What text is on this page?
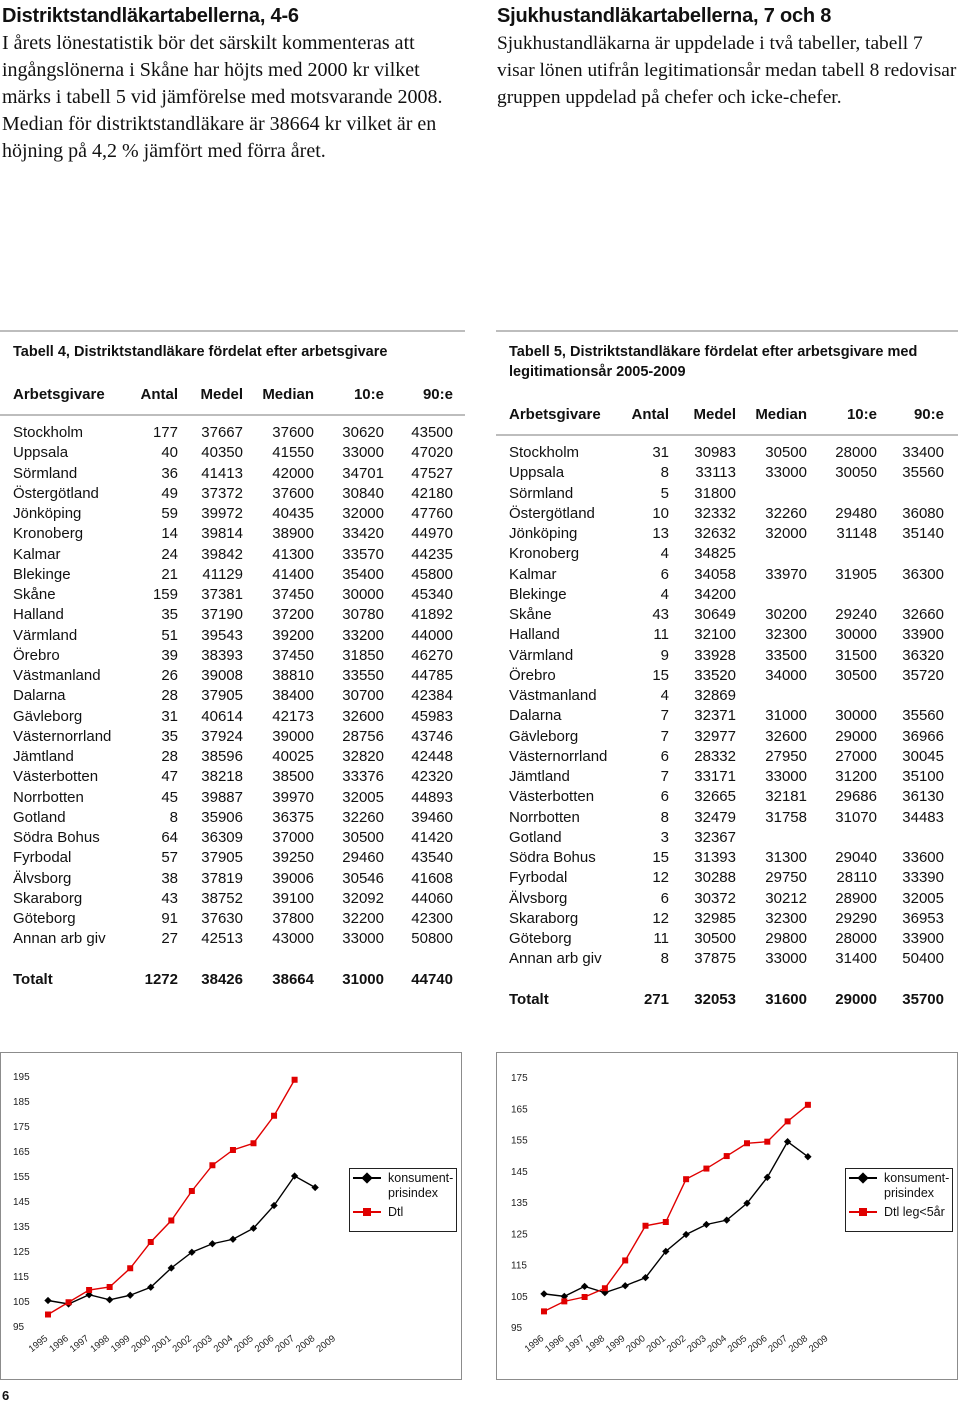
Distriktstandläkartabellerna, 4-6

I årets lönestatistik bör det särskilt kommenteras att ingångslönerna i Skåne har höjts med 2000 kr vilket märks i tabell 5 vid jämförelse med motsvarande 2008. Median för distriktstandläkare är 38664 kr vilket är en höjning på 4,2 % jämfört med förra året.

Sjukhustandläkartabellerna, 7 och 8

Sjukhustandläkarna är uppdelade i två tabeller, tabell 7 visar lönen utifrån legitimationsår medan tabell 8 redovisar gruppen uppdelad på chefer och icke-chefer.

Tabell 4, Distriktstandläkare fördelat efter arbetsgivare
Arbetsgivare Antal Medel Median	10:e	90:e
Stockholm	177 37667 37600 30620 43500
Uppsala	40 40350 41550 33000 47020
Sörmland	36 41413 42000 34701 47527
Östergötland	49 37372 37600 30840 42180
Jönköping	59 39972 40435 32000 47760
Kronoberg	14 39814 38900 33420 44970
Kalmar	24 39842 41300 33570 44235
Blekinge	21 41129 41400 35400 45800
Skåne	159 37381 37450 30000 45340
Halland	35 37190 37200 30780 41892
Värmland	51 39543 39200 33200 44000
Örebro	39 38393 37450 31850 46270
Västmanland	26 39008 38810 33550 44785
Dalarna	28 37905 38400 30700 42384
Gävleborg	31 40614 42173 32600 45983
Västernorrland	35 37924 39000 28756 43746
Jämtland	28 38596 40025 32820 42448
Västerbotten	47 38218 38500 33376 42320
Norrbotten	45 39887 39970 32005 44893
Gotland	8 35906 36375 32260 39460
Södra Bohus	64 36309 37000 30500 41420
Fyrbodal	57 37905 39250 29460 43540
Älvsborg	38 37819 39006 30546 41608
Skaraborg	43 38752 39100 32092 44060
Göteborg	91 37630 37800 32200 42300
Annan arb giv	27 42513 43000 33000 50800
Totalt	1272 38426 38664 31000 44740
Tabell 5, Distriktstandläkare fördelat efter arbetsgivare med legitimationsår 2005-2009
Arbetsgivare Antal Medel Median	10:e 90:e
Stockholm	31 30983 30500 28000 33400
Uppsala	8 33113 33000 30050 35560
Sörmland	5 31800
Östergötland	10 32332 32260 29480 36080
Jönköping	13 32632 32000 31148 35140
Kronoberg	4 34825
Kalmar	6 34058 33970 31905 36300
Blekinge	4 34200
Skåne	43 30649 30200 29240 32660
Halland	11 32100 32300 30000 33900
Värmland	9 33928 33500 31500 36320
Örebro	15 33520 34000 30500 35720
Västmanland	4 32869
Dalarna	7 32371 31000 30000 35560
Gävleborg	7 32977 32600 29000 36966
Västernorrland	6 28332 27950 27000 30045
Jämtland	7 33171 33000 31200 35100
Västerbotten	6 32665 32181 29686 36130
Norrbotten	8 32479 31758 31070 34483
Gotland	3 32367
Södra Bohus	15 31393 31300 29040 33600
Fyrbodal	12 30288 29750 28110 33390
Älvsborg	6 30372 30212 28900 32005
Skaraborg	12 32985 32300 29290 36953
Göteborg	11 30500 29800 28000 33900
Annan arb giv	8 37875 33000 31400 50400
Totalt	271 32053 31600 29000 35700
95
105
115
125
135
145
155
165
175
185
195
1995
1996
1997
1998
1999
2000
2001
2002
2003
2004
2005
2006
2007
2008
2009
konsument-prisindex
Dtl
95
105
115
125
135
145
155
165
175
1996
1996
1997
1998
1999
2000
2001
2002
2003
2004
2005
2006
2007
2008
2009
konsument-prisindex
Dtl leg<5år
6
